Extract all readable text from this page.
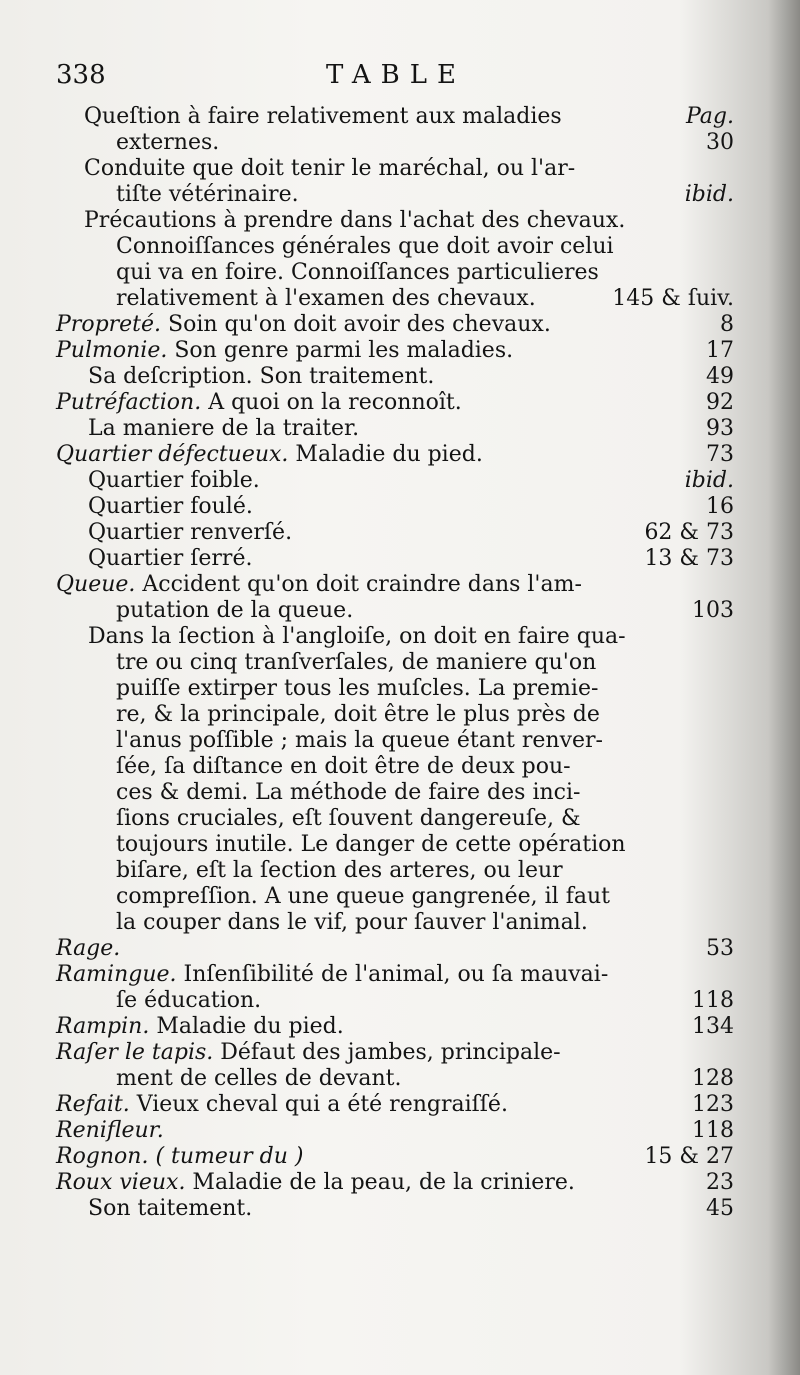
338	TABLE
Queſtion à faire relativement aux maladies	Pag.
externes.	30
Conduite que doit tenir le maréchal, ou l'ar-
tiſte vétérinaire.	ibid.
Précautions à prendre dans l'achat des chevaux.
Connoiſſances générales que doit avoir celui
qui va en foire. Connoiſſances particulieres
relativement à l'examen des chevaux.	145 & ſuiv.
Propreté. Soin qu'on doit avoir des chevaux.	8
Pulmonie. Son genre parmi les maladies.	17
Sa deſcription. Son traitement.	49
Putréfaction. A quoi on la reconnoît.	92
La maniere de la traiter.	93
Quartier défectueux. Maladie du pied.	73
Quartier foible.	ibid.
Quartier foulé.	16
Quartier renverſé.	62 & 73
Quartier ſerré.	13 & 73
Queue. Accident qu'on doit craindre dans l'am-
putation de la queue.	103
Dans la ſection à l'angloiſe, on doit en faire qua-
tre ou cinq tranſverſales, de maniere qu'on
puiſſe extirper tous les muſcles. La premie-
re, & la principale, doit être le plus près de
l'anus poſſible ; mais la queue étant renver-
ſée, ſa diſtance en doit être de deux pou-
ces & demi. La méthode de faire des inci-
ſions cruciales, eſt ſouvent dangereuſe, &
toujours inutile. Le danger de cette opération
biſare, eſt la ſection des arteres, ou leur
compreſſion. A une queue gangrenée, il faut
la couper dans le vif, pour ſauver l'animal.
Rage.	53
Ramingue. Inſenſibilité de l'animal, ou ſa mauvai-
ſe éducation.	118
Rampin. Maladie du pied.	134
Raſer le tapis. Défaut des jambes, principale-
ment de celles de devant.	128
Refait. Vieux cheval qui a été rengraiſſé.	123
Renifleur.	118
Rognon. ( tumeur du )	15 & 27
Roux vieux. Maladie de la peau, de la criniere.	23
Son taitement.	45
